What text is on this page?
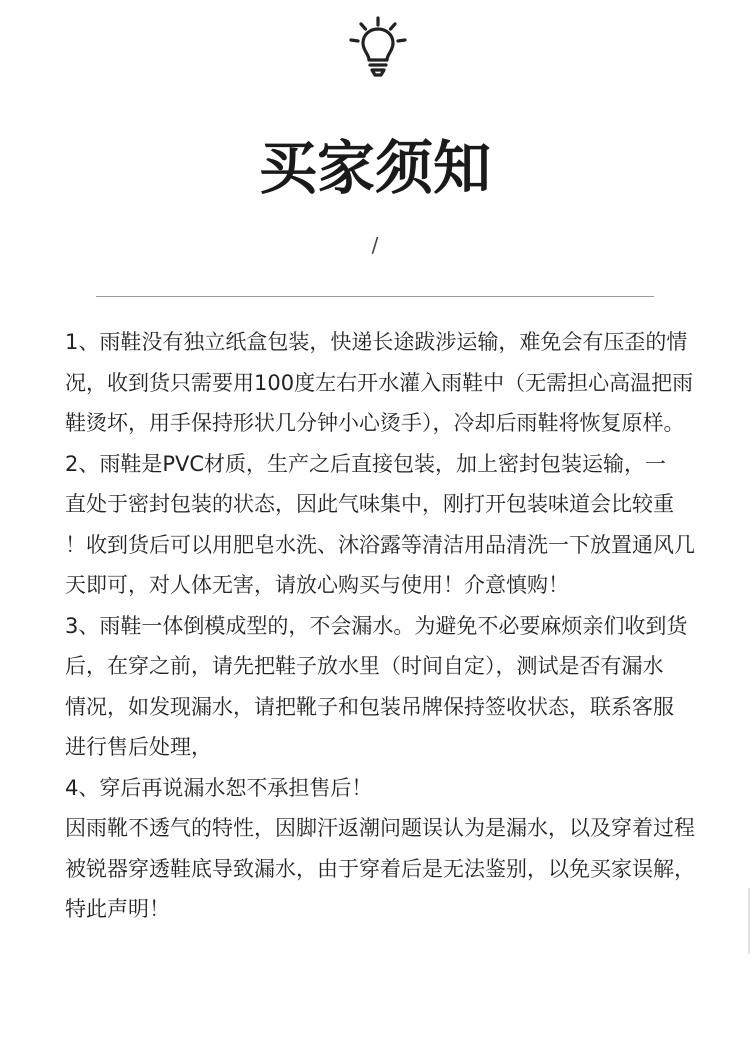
买家须知
/

1、雨鞋没有独立纸盒包装，快递长途跋涉运输，难免会有压歪的情

况，收到货只需要用100度左右开水灌入雨鞋中（无需担心高温把雨

鞋烫坏，用手保持形状几分钟小心烫手），冷却后雨鞋将恢复原样。

2、雨鞋是PVC材质，生产之后直接包装，加上密封包装运输，一

直处于密封包装的状态，因此气味集中，刚打开包装味道会比较重

！收到货后可以用肥皂水洗、沐浴露等清洁用品清洗一下放置通风几

天即可，对人体无害，请放心购买与使用！介意慎购！

3、雨鞋一体倒模成型的，不会漏水。为避免不必要麻烦亲们收到货

后，在穿之前，请先把鞋子放水里（时间自定），测试是否有漏水

情况，如发现漏水，请把靴子和包装吊牌保持签收状态，联系客服

进行售后处理，

4、穿后再说漏水恕不承担售后！

因雨靴不透气的特性，因脚汗返潮问题误认为是漏水，以及穿着过程

被锐器穿透鞋底导致漏水，由于穿着后是无法鉴别，以免买家误解，

特此声明！
